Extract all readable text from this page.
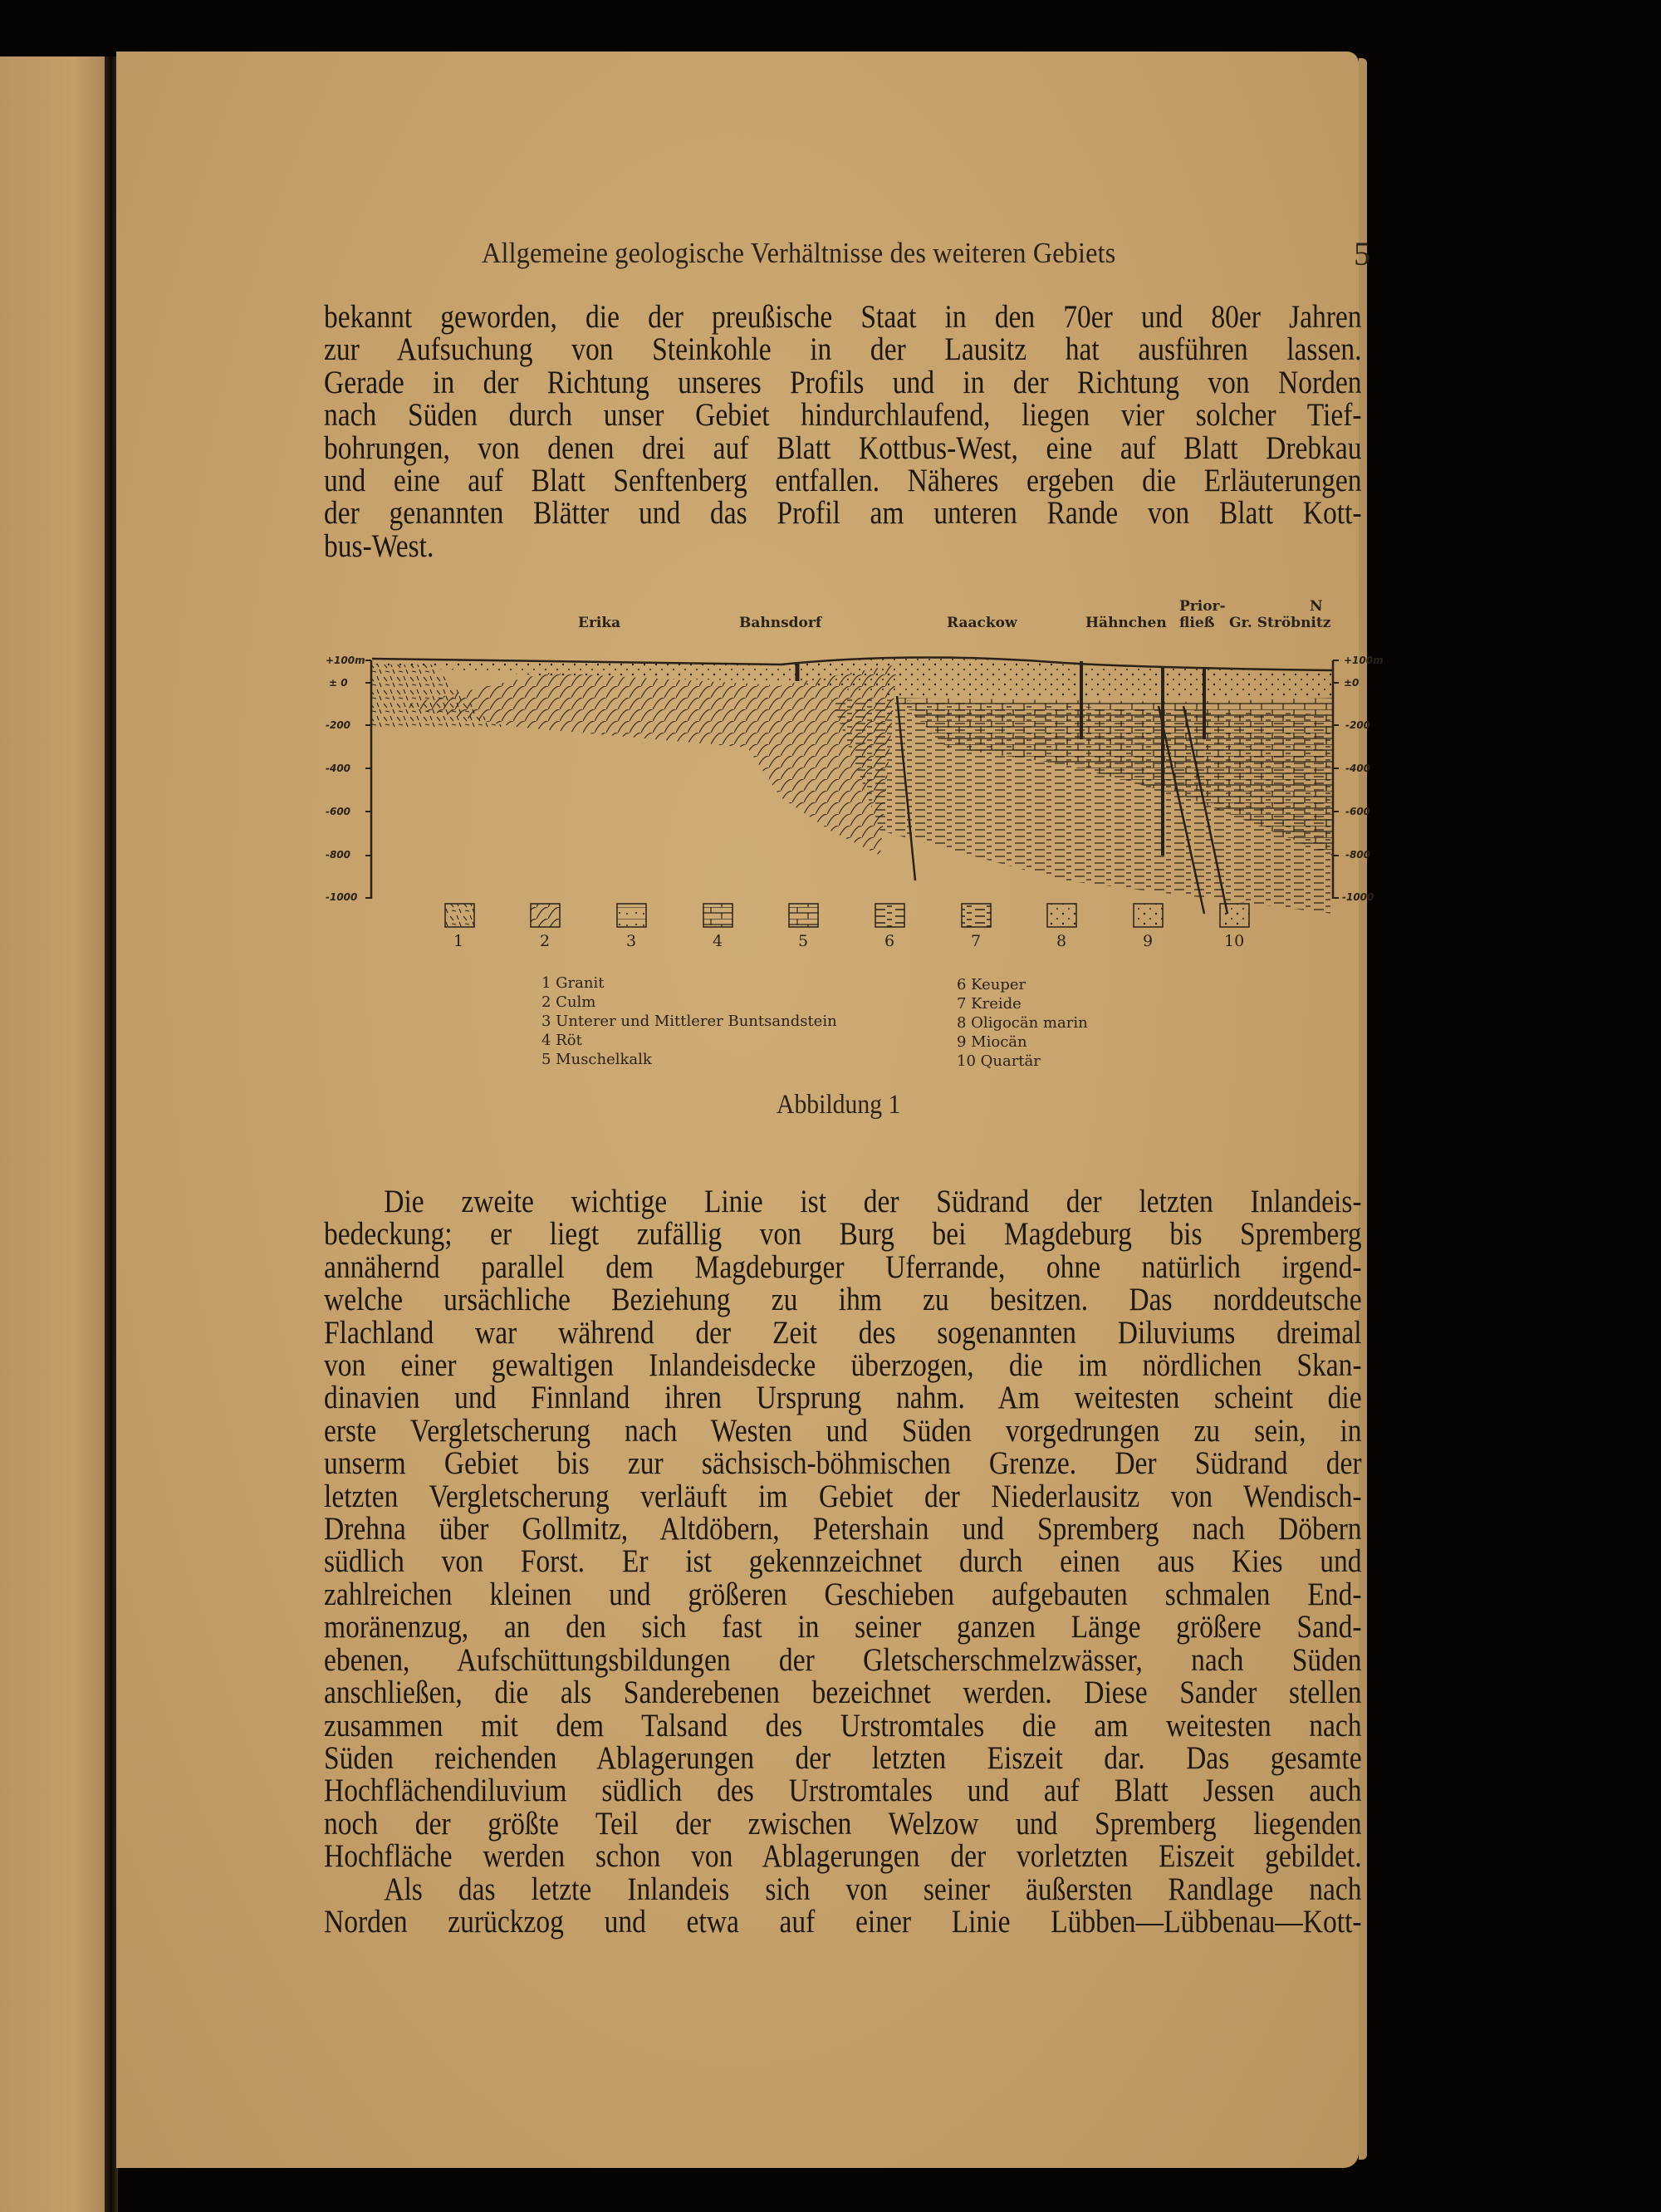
Allgemeine geologische Verhältnisse des weiteren Gebiets	5
bekannt geworden, die der preußische Staat in den 70er und 80er Jahren
zur Aufsuchung von Steinkohle in der Lausitz hat ausführen lassen.
Gerade in der Richtung unseres Profils und in der Richtung von Norden
nach Süden durch unser Gebiet hindurchlaufend, liegen vier solcher Tief-
bohrungen, von denen drei auf Blatt Kottbus-West, eine auf Blatt Drebkau
und eine auf Blatt Senftenberg entfallen. Näheres ergeben die Erläuterungen
der genannten Blätter und das Profil am unteren Rande von Blatt Kott-
bus-West.
Prior-	N
Erika	Bahnsdorf	Raackow	Hähnchen fließ Gr. Ströbnitz
+100m
± 0
-200
-400
-600
-800
-1000
+100m
±0
-200
-400
-600
-800
-1000
1	2	3	4	5	6	7	8	9	10
1 Granit
2 Culm
3 Unterer und Mittlerer Buntsandstein
4 Röt
5 Muschelkalk
6 Keuper
7 Kreide
8 Oligocän marin
9 Miocän
10 Quartär
Abbildung 1
Die zweite wichtige Linie ist der Südrand der letzten Inlandeis-
bedeckung; er liegt zufällig von Burg bei Magdeburg bis Spremberg
annähernd parallel dem Magdeburger Uferrande, ohne natürlich irgend-
welche ursächliche Beziehung zu ihm zu besitzen. Das norddeutsche
Flachland war während der Zeit des sogenannten Diluviums dreimal
von einer gewaltigen Inlandeisdecke überzogen, die im nördlichen Skan-
dinavien und Finnland ihren Ursprung nahm. Am weitesten scheint die
erste Vergletscherung nach Westen und Süden vorgedrungen zu sein, in
unserm Gebiet bis zur sächsisch-böhmischen Grenze. Der Südrand der
letzten Vergletscherung verläuft im Gebiet der Niederlausitz von Wendisch-
Drehna über Gollmitz, Altdöbern, Petershain und Spremberg nach Döbern
südlich von Forst. Er ist gekennzeichnet durch einen aus Kies und
zahlreichen kleinen und größeren Geschieben aufgebauten schmalen End-
moränenzug, an den sich fast in seiner ganzen Länge größere Sand-
ebenen, Aufschüttungsbildungen der Gletscherschmelzwässer, nach Süden
anschließen, die als Sanderebenen bezeichnet werden. Diese Sander stellen
zusammen mit dem Talsand des Urstromtales die am weitesten nach
Süden reichenden Ablagerungen der letzten Eiszeit dar. Das gesamte
Hochflächendiluvium südlich des Urstromtales und auf Blatt Jessen auch
noch der größte Teil der zwischen Welzow und Spremberg liegenden
Hochfläche werden schon von Ablagerungen der vorletzten Eiszeit gebildet.
Als das letzte Inlandeis sich von seiner äußersten Randlage nach
Norden zurückzog und etwa auf einer Linie Lübben—Lübbenau—Kott-
